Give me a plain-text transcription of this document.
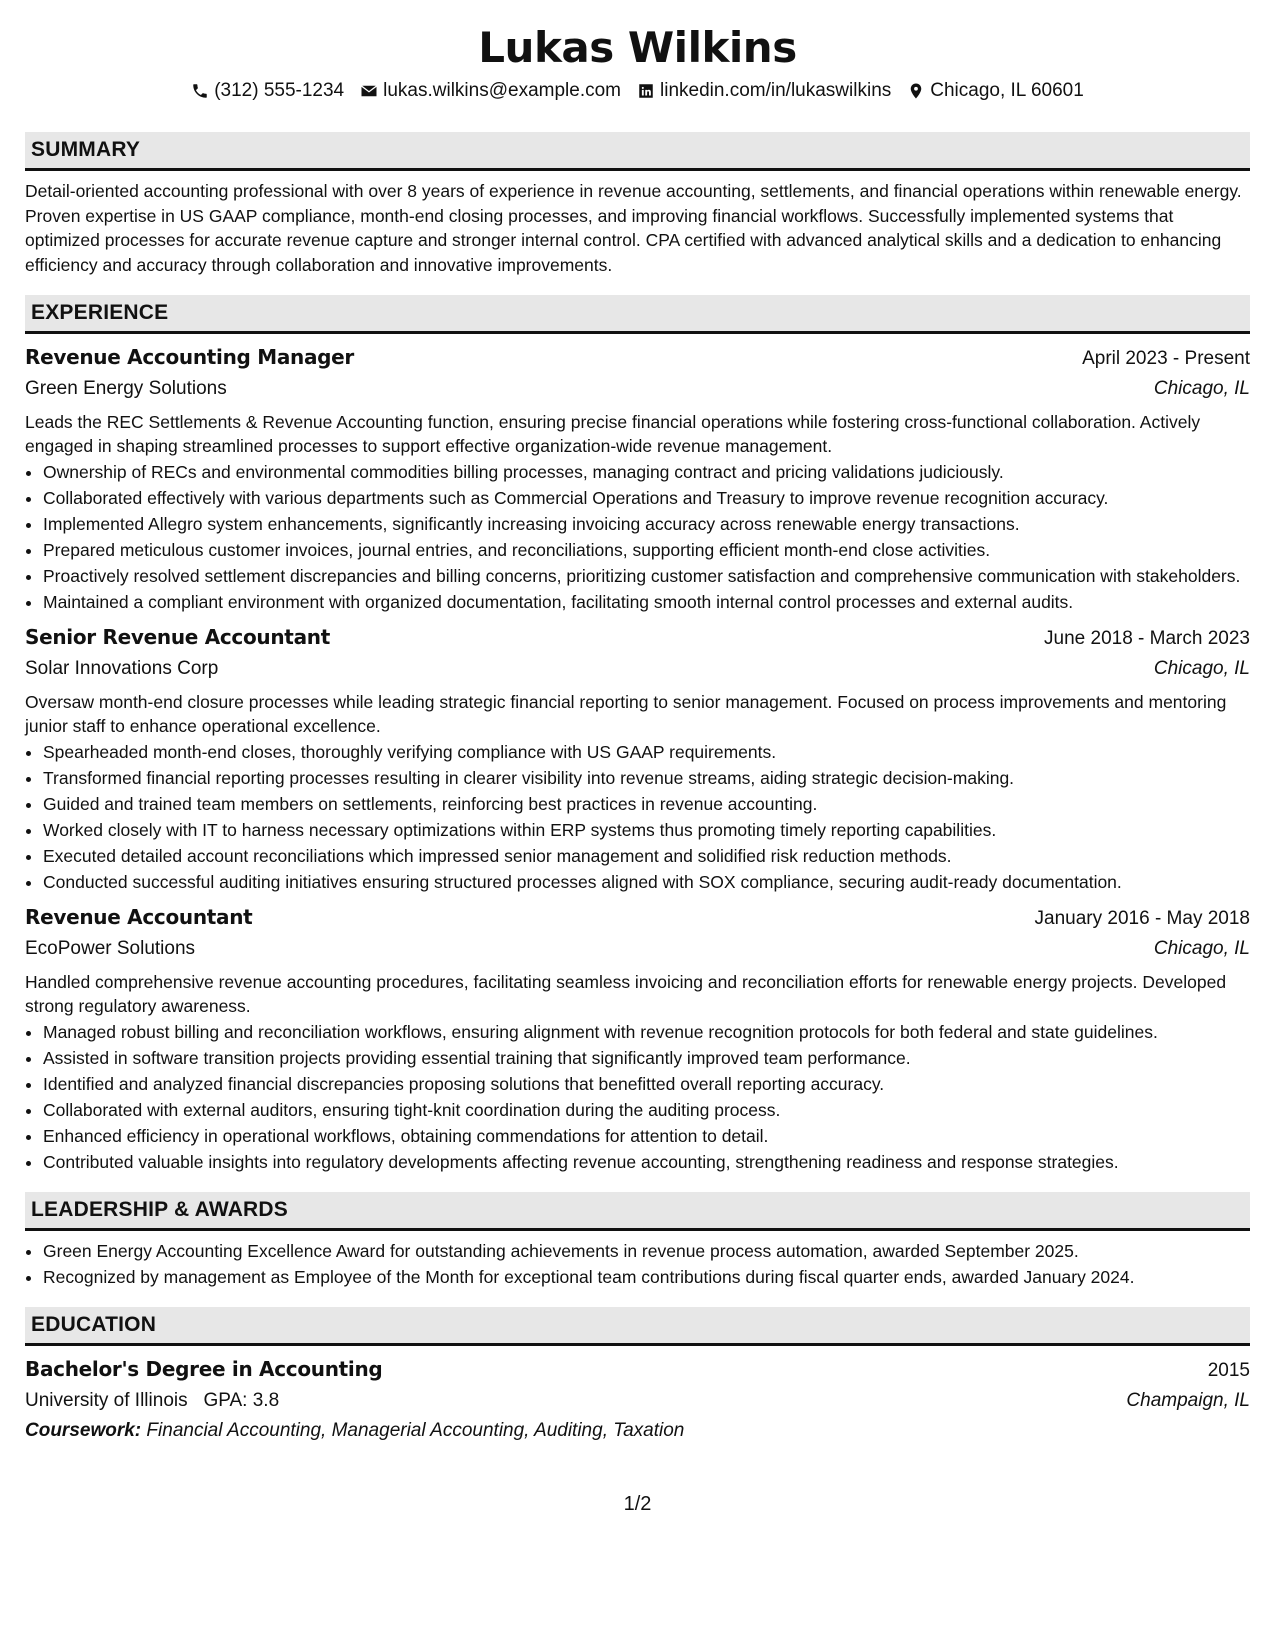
Lukas Wilkins
(312) 555-1234 lukas.wilkins@example.com linkedin.com/in/lukaswilkins Chicago, IL 60601
SUMMARY

Detail-oriented accounting professional with over 8 years of experience in revenue accounting, settlements, and financial operations within renewable energy. Proven expertise in US GAAP compliance, month-end closing processes, and improving financial workflows. Successfully implemented systems that optimized processes for accurate revenue capture and stronger internal control. CPA certified with advanced analytical skills and a dedication to enhancing efficiency and accuracy through collaboration and innovative improvements.

EXPERIENCE
Revenue Accounting Manager	April 2023 - Present
Green Energy Solutions	Chicago, IL
Leads the REC Settlements & Revenue Accounting function, ensuring precise financial operations while fostering cross-functional collaboration. Actively engaged in shaping streamlined processes to support effective organization-wide revenue management.
• Ownership of RECs and environmental commodities billing processes, managing contract and pricing validations judiciously.
• Collaborated effectively with various departments such as Commercial Operations and Treasury to improve revenue recognition accuracy.
• Implemented Allegro system enhancements, significantly increasing invoicing accuracy across renewable energy transactions.
• Prepared meticulous customer invoices, journal entries, and reconciliations, supporting efficient month-end close activities.
• Proactively resolved settlement discrepancies and billing concerns, prioritizing customer satisfaction and comprehensive communication with stakeholders.
• Maintained a compliant environment with organized documentation, facilitating smooth internal control processes and external audits.
Senior Revenue Accountant	June 2018 - March 2023
Solar Innovations Corp	Chicago, IL
Oversaw month-end closure processes while leading strategic financial reporting to senior management. Focused on process improvements and mentoring junior staff to enhance operational excellence.
• Spearheaded month-end closes, thoroughly verifying compliance with US GAAP requirements.
• Transformed financial reporting processes resulting in clearer visibility into revenue streams, aiding strategic decision-making.
• Guided and trained team members on settlements, reinforcing best practices in revenue accounting.
• Worked closely with IT to harness necessary optimizations within ERP systems thus promoting timely reporting capabilities.
• Executed detailed account reconciliations which impressed senior management and solidified risk reduction methods.
• Conducted successful auditing initiatives ensuring structured processes aligned with SOX compliance, securing audit-ready documentation.
Revenue Accountant	January 2016 - May 2018
EcoPower Solutions	Chicago, IL
Handled comprehensive revenue accounting procedures, facilitating seamless invoicing and reconciliation efforts for renewable energy projects. Developed strong regulatory awareness.
• Managed robust billing and reconciliation workflows, ensuring alignment with revenue recognition protocols for both federal and state guidelines.
• Assisted in software transition projects providing essential training that significantly improved team performance.
• Identified and analyzed financial discrepancies proposing solutions that benefitted overall reporting accuracy.
• Collaborated with external auditors, ensuring tight-knit coordination during the auditing process.
• Enhanced efficiency in operational workflows, obtaining commendations for attention to detail.
• Contributed valuable insights into regulatory developments affecting revenue accounting, strengthening readiness and response strategies.
LEADERSHIP & AWARDS
• Green Energy Accounting Excellence Award for outstanding achievements in revenue process automation, awarded September 2025.
• Recognized by management as Employee of the Month for exceptional team contributions during fiscal quarter ends, awarded January 2024.
EDUCATION
Bachelor's Degree in Accounting	2015
University of Illinois GPA: 3.8	Champaign, IL
Coursework: Financial Accounting, Managerial Accounting, Auditing, Taxation
1/2
